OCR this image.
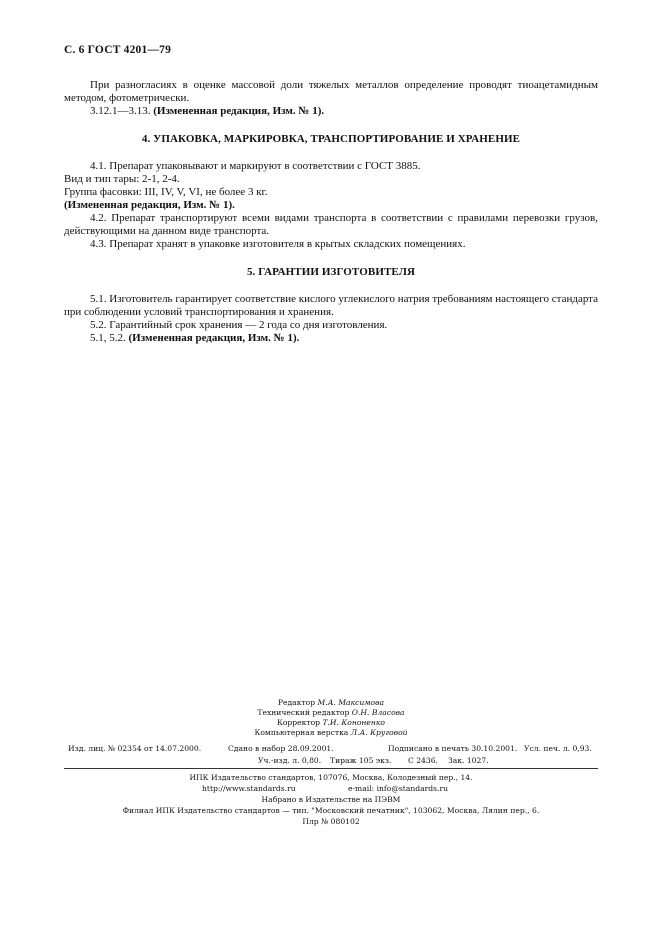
С. 6 ГОСТ 4201—79
При разногласиях в оценке массовой доли тяжелых металлов определение проводят тиоацетамидным методом, фотометрически.
3.12.1—3.13. (Измененная редакция, Изм. № 1).
4. УПАКОВКА, МАРКИРОВКА, ТРАНСПОРТИРОВАНИЕ И ХРАНЕНИЕ
4.1. Препарат упаковывают и маркируют в соответствии с ГОСТ 3885.
Вид и тип тары: 2-1, 2-4.
Группа фасовки: III, IV, V, VI, не более 3 кг.
(Измененная редакция, Изм. № 1).
4.2. Препарат транспортируют всеми видами транспорта в соответствии с правилами перевозки грузов, действующими на данном виде транспорта.
4.3. Препарат хранят в упаковке изготовителя в крытых складских помещениях.
5. ГАРАНТИИ ИЗГОТОВИТЕЛЯ
5.1. Изготовитель гарантирует соответствие кислого углекислого натрия требованиям настоящего стандарта при соблюдении условий транспортирования и хранения.
5.2. Гарантийный срок хранения — 2 года со дня изготовления.
5.1, 5.2. (Измененная редакция, Изм. № 1).
Редактор М.А. Максимова
Технический редактор О.Н. Власова
Корректор Т.И. Кононенко
Компьютерная верстка Л.А. Круговой
Изд. лиц. № 02354 от 14.07.2000.	Сдано в набор 28.09.2001.	Подписано в печать 30.10.2001. Усл. печ. л. 0,93.
Уч.-изд. л. 0,80. Тираж 105 экз. С 2436. Зак. 1027.
ИПК Издательство стандартов, 107076, Москва, Колодезный пер., 14.
http://www.standards.ru	e-mail: info@standards.ru
Набрано в Издательстве на ПЭВМ
Филиал ИПК Издательство стандартов — тип. "Московский печатник", 103062, Москва, Лялин пер., 6.
Плр № 080102
